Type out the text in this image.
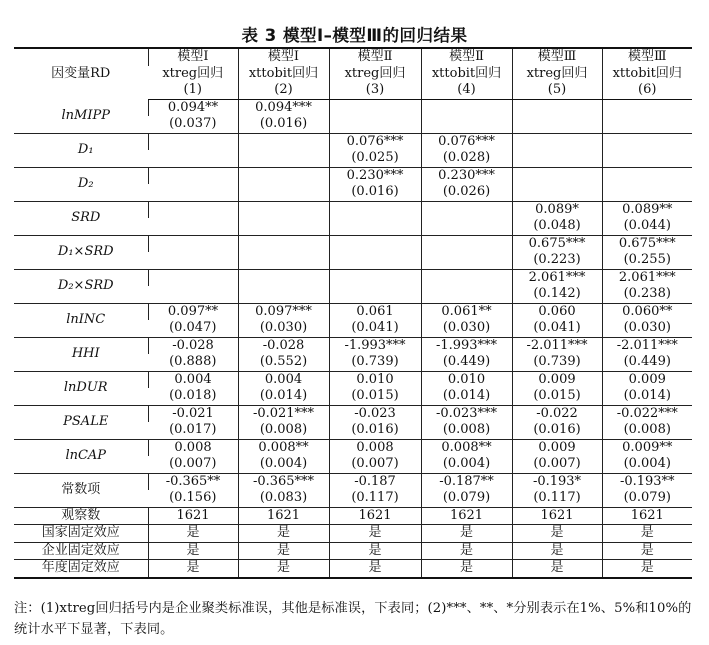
表 3 模型Ⅰ–模型Ⅲ的回归结果
因变量RD	模型Ⅰ	模型Ⅰ	模型Ⅱ	模型Ⅱ	模型Ⅲ	模型Ⅲ
	xtreg回归	xttobit回归	xtreg回归	xttobit回归	xtreg回归	xttobit回归
	(1)	(2)	(3)	(4)	(5)	(6)
lnMIPP	0.094**	0.094***				
	(0.037)	(0.016)				
D₁			0.076***	0.076***		
			(0.025)	(0.028)		
D₂			0.230***	0.230***		
			(0.016)	(0.026)		
SRD					0.089*	0.089**
					(0.048)	(0.044)
D₁×SRD					0.675***	0.675***
					(0.223)	(0.255)
D₂×SRD					2.061***	2.061***
					(0.142)	(0.238)
lnINC	0.097**	0.097***	0.061	0.061**	0.060	0.060**
	(0.047)	(0.030)	(0.041)	(0.030)	(0.041)	(0.030)
HHI	-0.028	-0.028	-1.993***	-1.993***	-2.011***	-2.011***
	(0.888)	(0.552)	(0.739)	(0.449)	(0.739)	(0.449)
lnDUR	0.004	0.004	0.010	0.010	0.009	0.009
	(0.018)	(0.014)	(0.015)	(0.014)	(0.015)	(0.014)
PSALE	-0.021	-0.021***	-0.023	-0.023***	-0.022	-0.022***
	(0.017)	(0.008)	(0.016)	(0.008)	(0.016)	(0.008)
lnCAP	0.008	0.008**	0.008	0.008**	0.009	0.009**
	(0.007)	(0.004)	(0.007)	(0.004)	(0.007)	(0.004)
常数项	-0.365**	-0.365***	-0.187	-0.187**	-0.193*	-0.193**
	(0.156)	(0.083)	(0.117)	(0.079)	(0.117)	(0.079)
观察数	1621	1621	1621	1621	1621	1621
国家固定效应	是	是	是	是	是	是
企业固定效应	是	是	是	是	是	是
年度固定效应	是	是	是	是	是	是
注：(1)xtreg回归括号内是企业聚类标准误，其他是标准误，下表同；(2)***、**、*分别表示在1%、5%和10%的统计水平下显著，下表同。
